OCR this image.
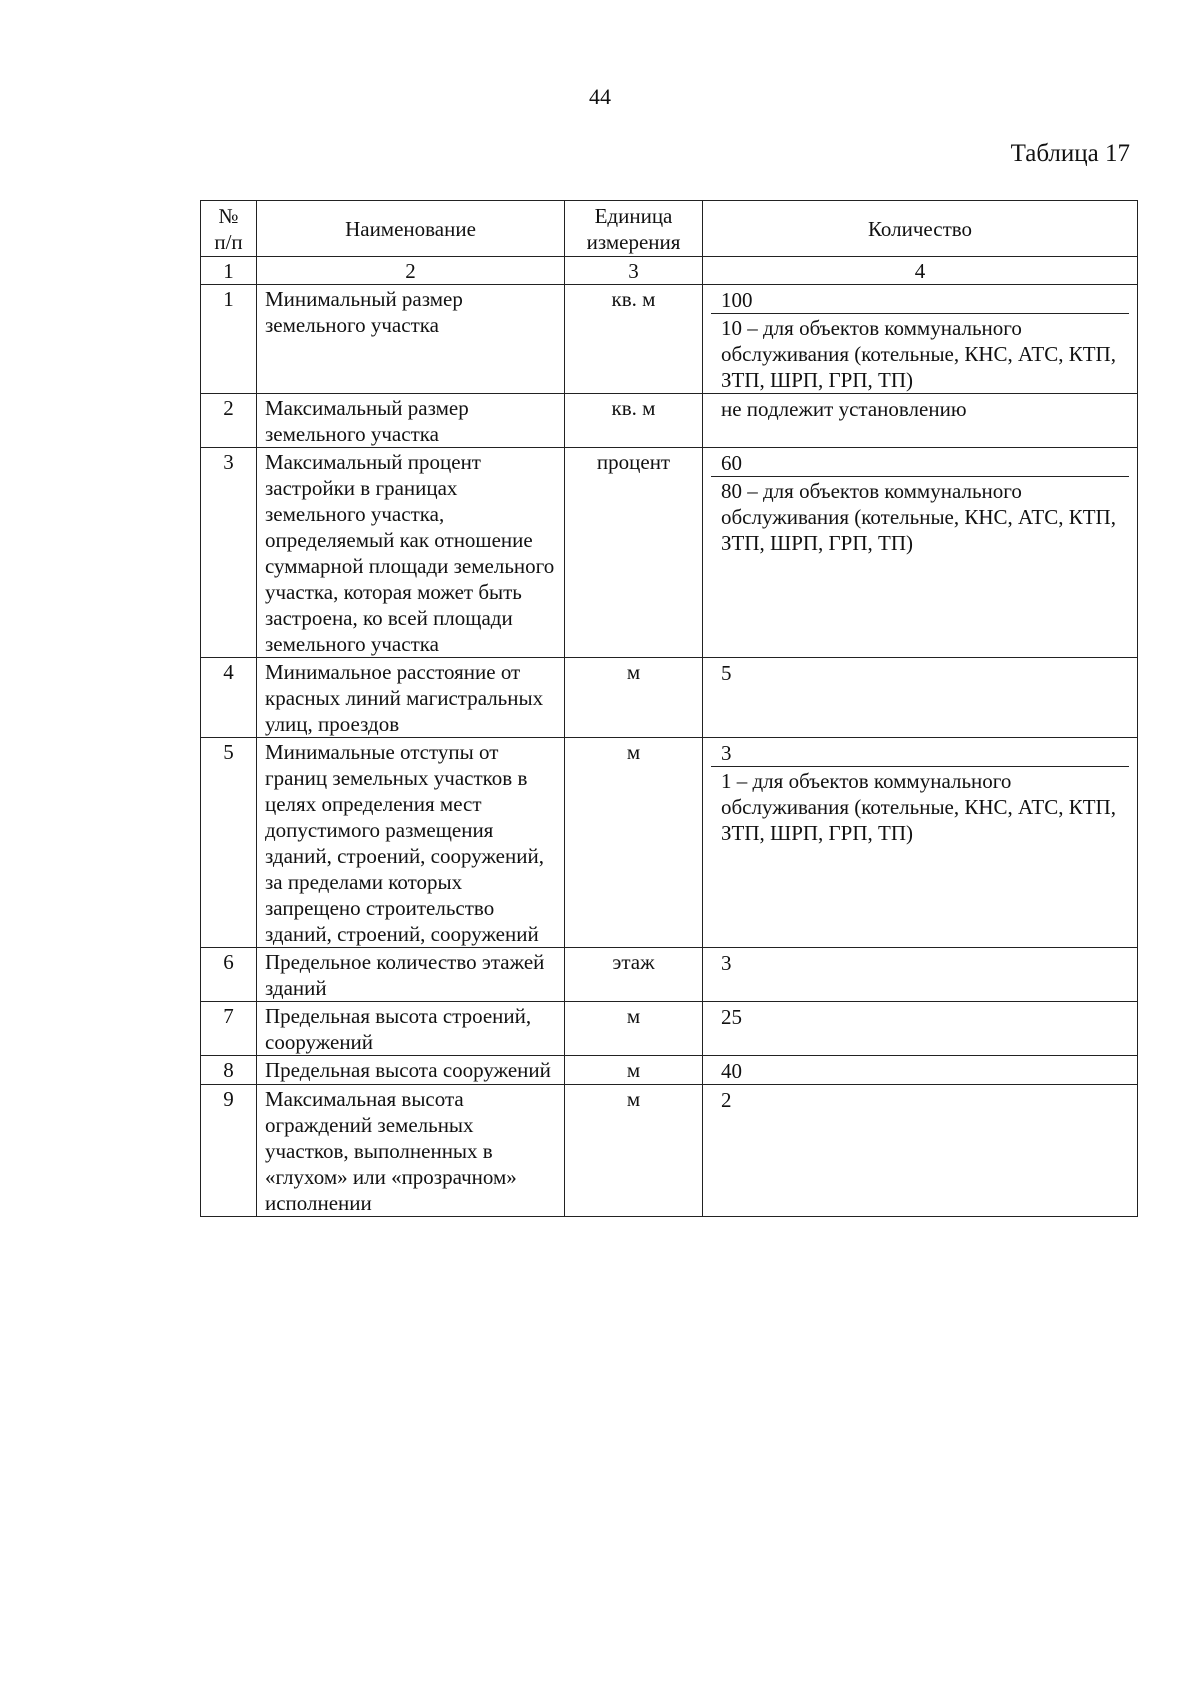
44
Таблица 17
№ п/п	Наименование	Единица измерения	Количество
1	2	3	4
1	Минимальный размер земельного участка	кв. м	100
10 – для объектов коммунального обслуживания (котельные, КНС, АТС, КТП, ЗТП, ШРП, ГРП, ТП)

2	Максимальный размер земельного участка	кв. м	не подлежит установлению

3	Максимальный процент застройки в границах земельного участка, определяемый как отношение суммарной площади земельного участка, которая может быть застроена, ко всей площади земельного участка	процент	60
80 – для объектов коммунального обслуживания (котельные, КНС, АТС, КТП, ЗТП, ШРП, ГРП, ТП)

4	Минимальное расстояние от красных линий магистральных улиц, проездов	м	5

5	Минимальные отступы от границ земельных участков в целях определения мест допустимого размещения зданий, строений, сооружений, за пределами которых запрещено строительство зданий, строений, сооружений	м	3
1 – для объектов коммунального обслуживания (котельные, КНС, АТС, КТП, ЗТП, ШРП, ГРП, ТП)

6	Предельное количество этажей зданий	этаж	3

7	Предельная высота строений, сооружений	м	25

8	Предельная высота сооружений	м	40

9	Максимальная высота ограждений земельных участков, выполненных в «глухом» или «прозрачном» исполнении	м	2
